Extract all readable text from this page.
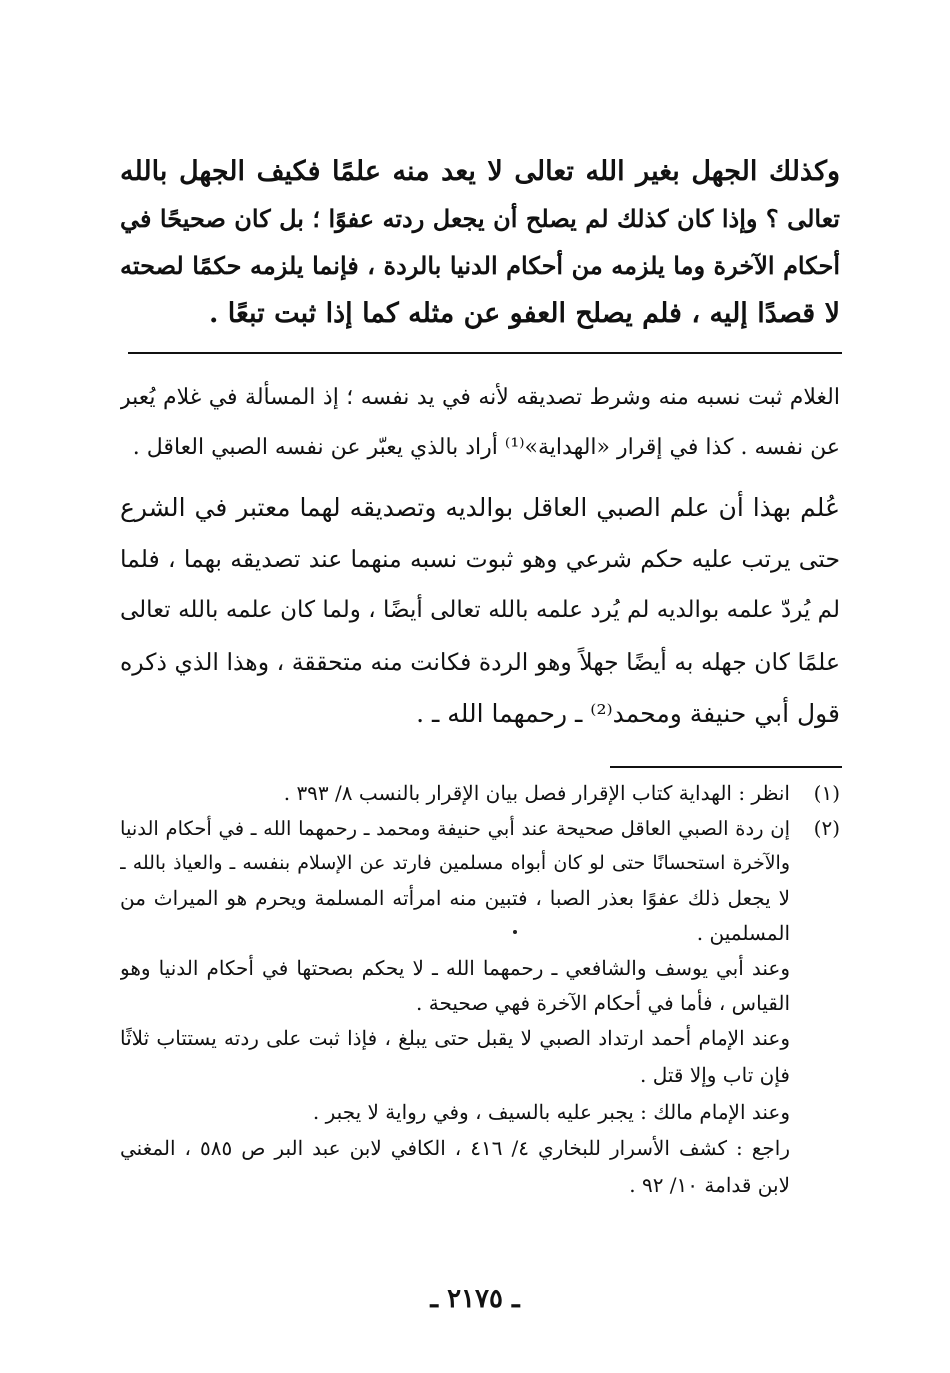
وكذلك الجهل بغير الله تعالى لا يعد منه علمًا فكيف الجهل بالله
تعالى ؟ وإذا كان كذلك لم يصلح أن يجعل ردته عفوًا ؛ بل كان صحيحًا في
أحكام الآخرة وما يلزمه من أحكام الدنيا بالردة ، فإنما يلزمه حكمًا لصحته
لا قصدًا إليه ، فلم يصلح العفو عن مثله كما إذا ثبت تبعًا .
الغلام ثبت نسبه منه وشرط تصديقه لأنه في يد نفسه ؛ إذ المسألة في غلام يُعبر
عن نفسه . كذا في إقرار «الهداية»⁽¹⁾ أراد بالذي يعبّر عن نفسه الصبي العاقل .
عُلم بهذا أن علم الصبي العاقل بوالديه وتصديقه لهما معتبر في الشرع
حتى يرتب عليه حكم شرعي وهو ثبوت نسبه منهما عند تصديقه بهما ، فلما
لم يُردّ علمه بوالديه لم يُرد علمه بالله تعالى أيضًا ، ولما كان علمه بالله تعالى
علمًا كان جهله به أيضًا جهلاً وهو الردة فكانت منه متحققة ، وهذا الذي ذكره
قول أبي حنيفة ومحمد⁽²⁾ ـ رحمهما الله ـ .
(١)
انظر : الهداية كتاب الإقرار فصل بيان الإقرار بالنسب ٨/ ٣٩٣ .
(٢)
إن ردة الصبي العاقل صحيحة عند أبي حنيفة ومحمد ـ رحمهما الله ـ في أحكام الدنيا
والآخرة استحسانًا حتى لو كان أبواه مسلمين فارتد عن الإسلام بنفسه ـ والعياذ بالله ـ
لا يجعل ذلك عفوًا بعذر الصبا ، فتبين منه امرأته المسلمة ويحرم هو الميراث من
المسلمين .
وعند أبي يوسف والشافعي ـ رحمهما الله ـ لا يحكم بصحتها في أحكام الدنيا وهو
القياس ، فأما في أحكام الآخرة فهي صحيحة .
وعند الإمام أحمد ارتداد الصبي لا يقبل حتى يبلغ ، فإذا ثبت على ردته يستتاب ثلاثًا
فإن تاب وإلا قتل .
وعند الإمام مالك : يجبر عليه بالسيف ، وفي رواية لا يجبر .
راجع : كشف الأسرار للبخاري ٤/ ٤١٦ ، الكافي لابن عبد البر ص ٥٨٥ ، المغني
لابن قدامة ١٠/ ٩٢ .
ـ ٢١٧٥ ـ
